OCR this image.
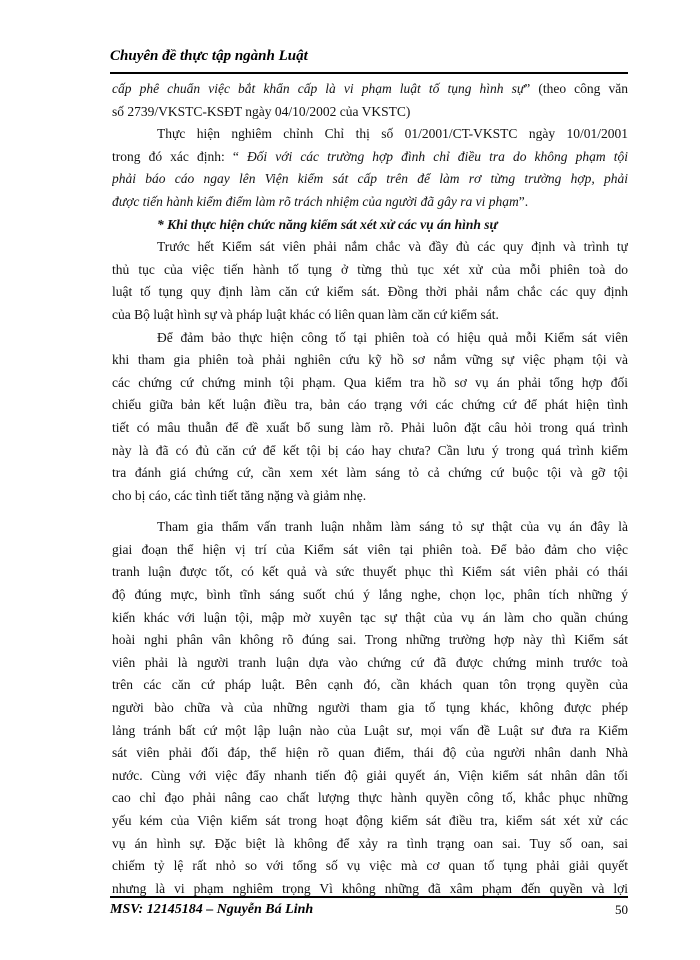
Chuyên đề thực tập ngành Luật
cấp phê chuẩn việc bắt khẩn cấp là vi phạm luật tố tụng hình sự” (theo công văn
số 2739/VKSTC-KSĐT ngày 04/10/2002 của VKSTC)
Thực hiện nghiêm chỉnh Chỉ thị số 01/2001/CT-VKSTC ngày 10/01/2001
trong đó xác định: “ Đối với các trường hợp đình chỉ điều tra do không phạm tội
phải báo cáo ngay lên Viện kiểm sát cấp trên để làm rơ từng trường hợp, phải
được tiến hành kiểm điểm làm rõ trách nhiệm của người đã gây ra vi phạm”.
* Khi thực hiện chức năng kiểm sát xét xử các vụ án hình sự
Trước hết Kiểm sát viên phải nắm chắc và đầy đủ các quy định và trình tự
thủ tục của việc tiến hành tố tụng ở từng thủ tục xét xử của mỗi phiên toà do
luật tố tụng quy định làm căn cứ kiểm sát. Đồng thời phải nắm chắc các quy định
của Bộ luật hình sự và pháp luật khác có liên quan làm căn cứ kiểm sát.
Để đảm bảo thực hiện công tố tại phiên toà có hiệu quả mỗi Kiểm sát viên
khi tham gia phiên toà phải nghiên cứu kỹ hồ sơ nắm vững sự việc phạm tội và
các chứng cứ chứng minh tội phạm. Qua kiểm tra hồ sơ vụ án phải tổng hợp đối
chiếu giữa bản kết luận điều tra, bản cáo trạng với các chứng cứ để phát hiện tình
tiết có mâu thuẫn để đề xuất bổ sung làm rõ. Phải luôn đặt câu hỏi trong quá trình
này là đã có đủ căn cứ để kết tội bị cáo hay chưa? Cần lưu ý trong quá trình kiểm
tra đánh giá chứng cứ, cần xem xét làm sáng tỏ cả chứng cứ buộc tội và gỡ tội
cho bị cáo, các tình tiết tăng nặng và giảm nhẹ.
Tham gia thẩm vấn tranh luận nhằm làm sáng tỏ sự thật của vụ án đây là
giai đoạn thể hiện vị trí của Kiểm sát viên tại phiên toà. Để bảo đảm cho việc
tranh luận được tốt, có kết quả và sức thuyết phục thì Kiểm sát viên phải có thái
độ đúng mực, bình tĩnh sáng suốt chú ý lắng nghe, chọn lọc, phân tích những ý
kiến khác với luận tội, mập mờ xuyên tạc sự thật của vụ án làm cho quần chúng
hoài nghi phân vân không rõ đúng sai. Trong những trường hợp này thì Kiểm sát
viên phải là người tranh luận dựa vào chứng cứ đã được chứng minh trước toà
trên các căn cứ pháp luật. Bên cạnh đó, cần khách quan tôn trọng quyền của
người bào chữa và của những người tham gia tố tụng khác, không được phép
lảng tránh bất cứ một lập luận nào của Luật sư, mọi vấn đề Luật sư đưa ra Kiểm
sát viên phải đối đáp, thể hiện rõ quan điểm, thái độ của người nhân danh Nhà
nước. Cùng với việc đẩy nhanh tiến độ giải quyết án, Viện kiểm sát nhân dân tối
cao chỉ đạo phải nâng cao chất lượng thực hành quyền công tố, khắc phục những
yếu kém của Viện kiểm sát trong hoạt động kiểm sát điều tra, kiểm sát xét xử các
vụ án hình sự. Đặc biệt là không để xảy ra tình trạng oan sai. Tuy số oan, sai
chiếm tỷ lệ rất nhỏ so với tổng số vụ việc mà cơ quan tố tụng phải giải quyết
nhưng là vi phạm nghiêm trọng Vì không những đã xâm phạm đến quyền và lợi
MSV: 12145184 – Nguyễn Bá Linh	50
